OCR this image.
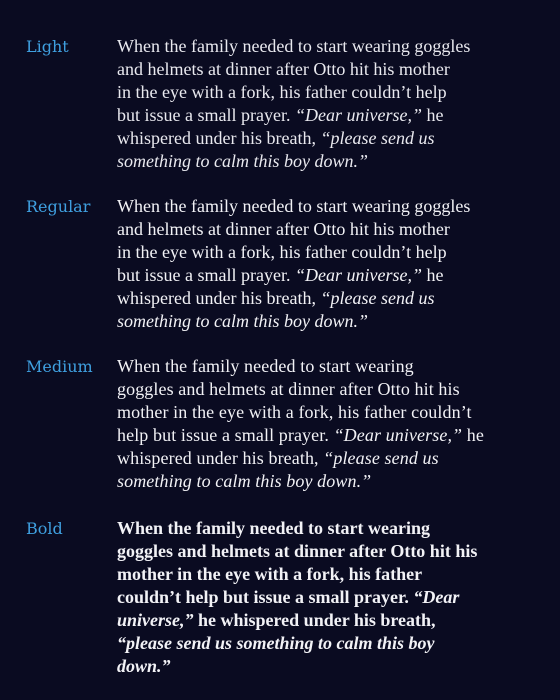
Light	When the family needed to start wearing goggles
and helmets at dinner after Otto hit his mother
in the eye with a fork, his father couldn’t help
but issue a small prayer. “Dear universe,” he
whispered under his breath, “please send us
something to calm this boy down.”
Regular When the family needed to start wearing goggles
and helmets at dinner after Otto hit his mother
in the eye with a fork, his father couldn’t help
but issue a small prayer. “Dear universe,” he
whispered under his breath, “please send us
something to calm this boy down.”
Medium When the family needed to start wearing
goggles and helmets at dinner after Otto hit his
mother in the eye with a fork, his father couldn’t
help but issue a small prayer. “Dear universe,” he
whispered under his breath, “please send us
something to calm this boy down.”
Bold	When the family needed to start wearing
goggles and helmets at dinner after Otto hit his
mother in the eye with a fork, his father
couldn’t help but issue a small prayer. “Dear
universe,” he whispered under his breath,
“please send us something to calm this boy
down.”
